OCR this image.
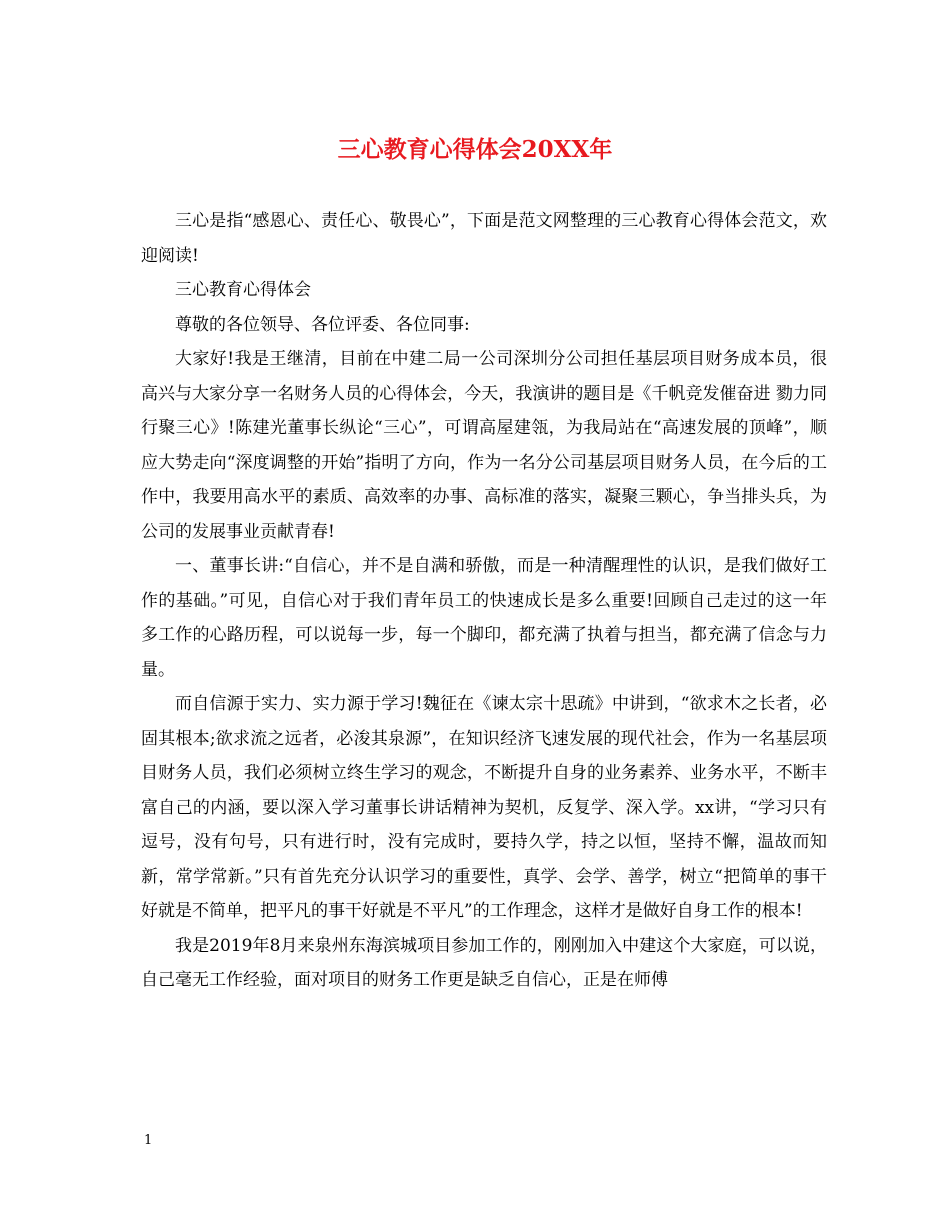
三心教育心得体会20XX年

三心是指“感恩心、责任心、敬畏心”，下面是范文网整理的三心教育心得体会范文，欢迎阅读!

三心教育心得体会

尊敬的各位领导、各位评委、各位同事:

大家好!我是王继清，目前在中建二局一公司深圳分公司担任基层项目财务成本员，很高兴与大家分享一名财务人员的心得体会，今天，我演讲的题目是《千帆竞发催奋进 勠力同行聚三心》!陈建光董事长纵论“三心”，可谓高屋建瓴，为我局站在“高速发展的顶峰”，顺应大势走向“深度调整的开始”指明了方向，作为一名分公司基层项目财务人员，在今后的工作中，我要用高水平的素质、高效率的办事、高标准的落实，凝聚三颗心，争当排头兵，为公司的发展事业贡献青春!

一、董事长讲:“自信心，并不是自满和骄傲，而是一种清醒理性的认识，是我们做好工作的基础。”可见，自信心对于我们青年员工的快速成长是多么重要!回顾自己走过的这一年多工作的心路历程，可以说每一步，每一个脚印，都充满了执着与担当，都充满了信念与力量。

而自信源于实力、实力源于学习!魏征在《谏太宗十思疏》中讲到，“欲求木之长者，必固其根本;欲求流之远者，必浚其泉源”，在知识经济飞速发展的现代社会，作为一名基层项目财务人员，我们必须树立终生学习的观念，不断提升自身的业务素养、业务水平，不断丰富自己的内涵，要以深入学习董事长讲话精神为契机，反复学、深入学。xx讲，“学习只有逗号，没有句号，只有进行时，没有完成时，要持久学，持之以恒，坚持不懈，温故而知新，常学常新。”只有首先充分认识学习的重要性，真学、会学、善学，树立“把简单的事干好就是不简单，把平凡的事干好就是不平凡”的工作理念，这样才是做好自身工作的根本!

我是2019年8月来泉州东海滨城项目参加工作的，刚刚加入中建这个大家庭，可以说，自己毫无工作经验，面对项目的财务工作更是缺乏自信心，正是在师傅

1
